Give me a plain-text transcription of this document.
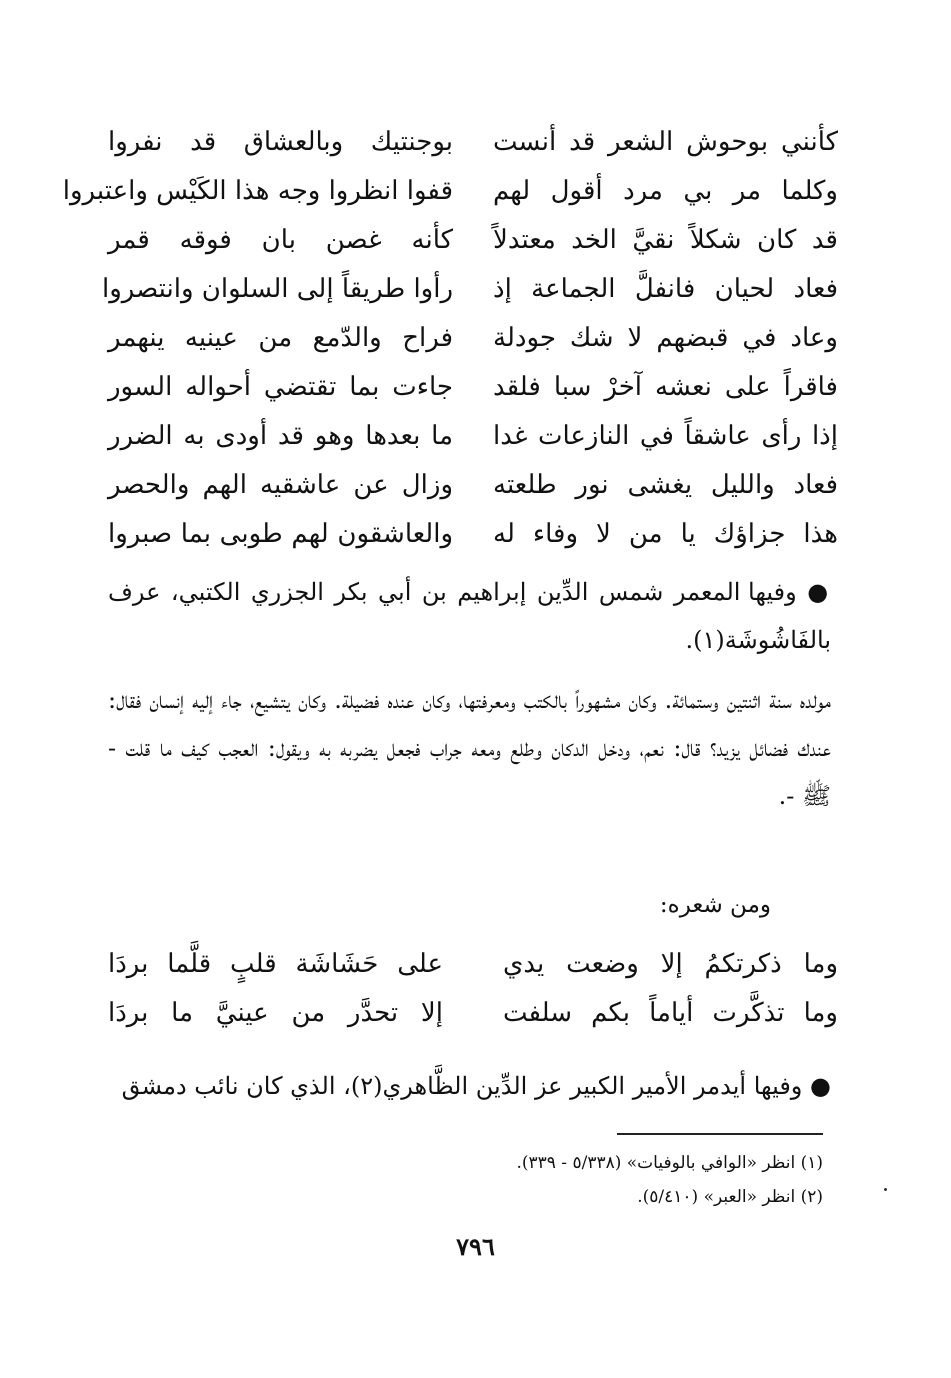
كأنني بوحوش الشعر قد أنست
بوجنتيك وبالعشاق قد نفروا
وكلما مر بي مرد أقول لهم
قفوا انظروا وجه هذا الكَيْس واعتبروا
قد كان شكلاً نقيَّ الخد معتدلاً
كأنه غصن بان فوقه قمر
فعاد لحيان فانفلَّ الجماعة إذ
رأوا طريقاً إلى السلوان وانتصروا
وعاد في قبضهم لا شك جودلة
فراح والدّمع من عينيه ينهمر
فاقراً على نعشه آخرْ سبا فلقد
جاءت بما تقتضي أحواله السور
إذا رأى عاشقاً في النازعات غدا
ما بعدها وهو قد أودى به الضرر
فعاد والليل يغشى نور طلعته
وزال عن عاشقيه الهم والحصر
هذا جزاؤك يا من لا وفاء له
والعاشقون لهم طوبى بما صبروا
● وفيها المعمر شمس الدِّين إبراهيم بن أبي بكر الجزري الكتبي، عرف بالفَاشُوشَة(١).
مولده سنة اثنتين وستمائة. وكان مشهوراً بالكتب ومعرفتها، وكان عنده فضيلة. وكان يتشيع، جاء إليه إنسان فقال: عندك فضائل يزيد؟ قال: نعم، ودخل الدكان وطلع ومعه جراب فجعل يضربه به ويقول: العجب كيف ما قلت - ﷺ -.
ومن شعره:
وما ذكرتكمُ إلا وضعت يدي
على حَشَاشَة قلبٍ قلَّما بردَا
وما تذكَّرت أياماً بكم سلفت
إلا تحدَّر من عينيَّ ما بردَا
● وفيها أيدمر الأمير الكبير عز الدِّين الظَّاهري(٢)، الذي كان نائب دمشق
(١) انظر «الوافي بالوفيات» (٥/٣٣٨ - ٣٣٩).
(٢) انظر «العبر» (٥/٤١٠).
٧٩٦
